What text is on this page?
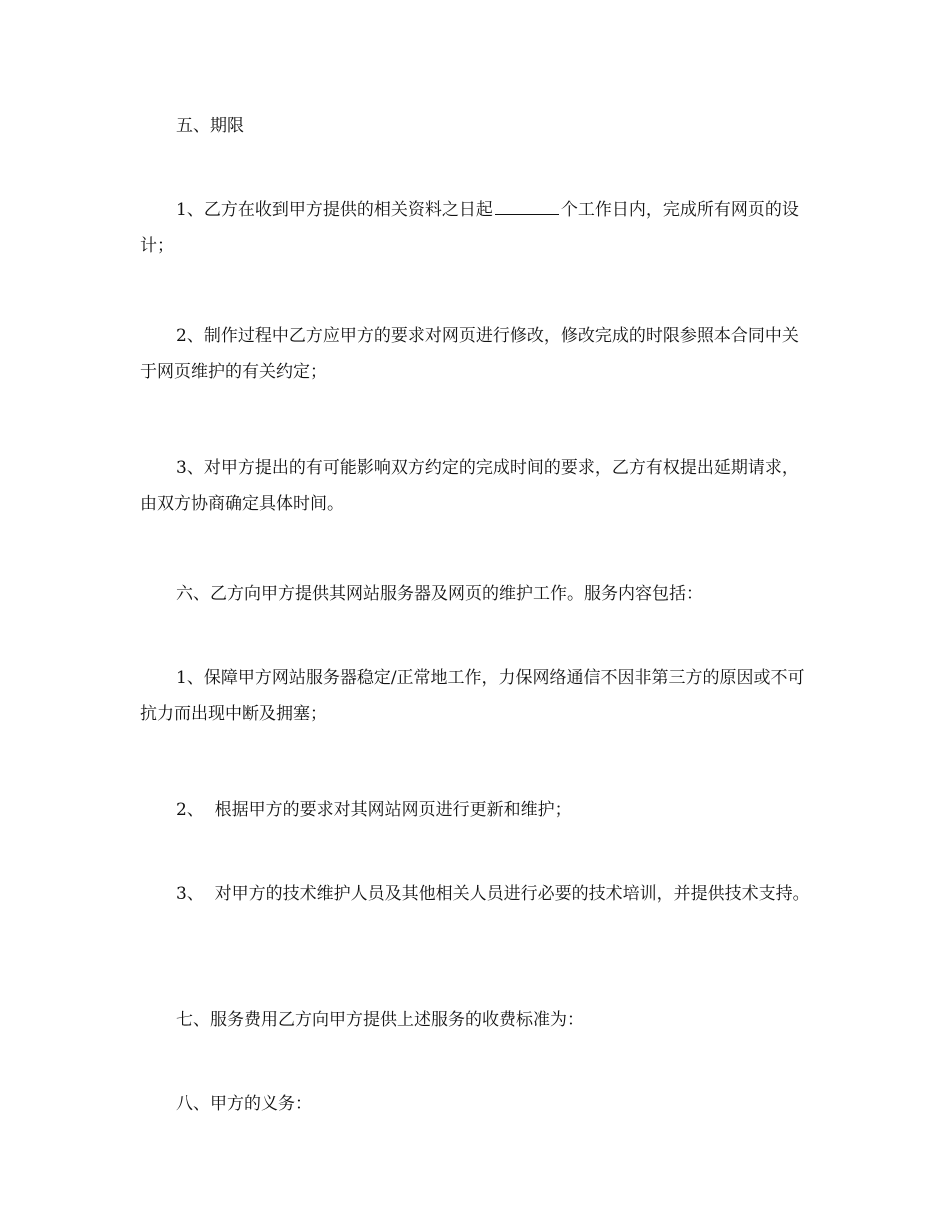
五、期限

1、乙方在收到甲方提供的相关资料之日起	个工作日内，完成所有网页的设计；

2、制作过程中乙方应甲方的要求对网页进行修改，修改完成的时限参照本合同中关于网页维护的有关约定；

3、对甲方提出的有可能影响双方约定的完成时间的要求，乙方有权提出延期请求，由双方协商确定具体时间。

六、乙方向甲方提供其网站服务器及网页的维护工作。服务内容包括：

1、保障甲方网站服务器稳定/正常地工作，力保网络通信不因非第三方的原因或不可抗力而出现中断及拥塞；

2、  根据甲方的要求对其网站网页进行更新和维护；

3、  对甲方的技术维护人员及其他相关人员进行必要的技术培训，并提供技术支持。

七、服务费用乙方向甲方提供上述服务的收费标准为：

八、甲方的义务：
